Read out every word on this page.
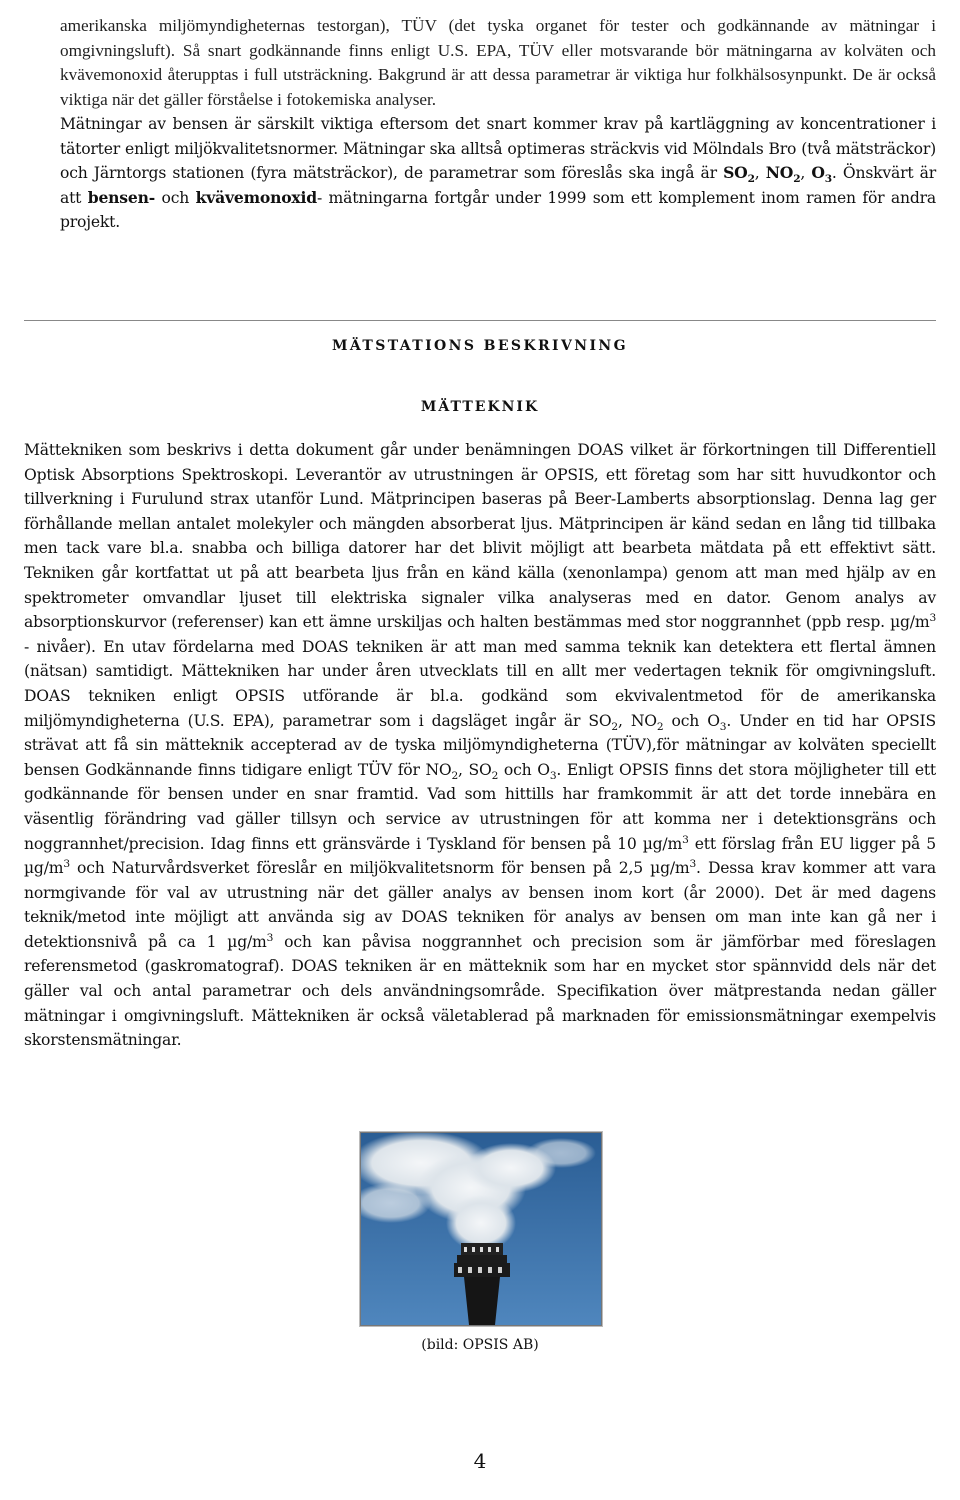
amerikanska miljömyndigheternas testorgan), TÜV (det tyska organet för tester och godkännande av mätningar i omgivningsluft). Så snart godkännande finns enligt U.S. EPA, TÜV eller motsvarande bör mätningarna av kolväten och kvävemonoxid återupptas i full utsträckning. Bakgrund är att dessa parametrar är viktiga hur folkhälsosynpunkt. De är också viktiga när det gäller förståelse i fotokemiska analyser.

Mätningar av bensen är särskilt viktiga eftersom det snart kommer krav på kartläggning av koncentrationer i tätorter enligt miljökvalitetsnormer. Mätningar ska alltså optimeras sträckvis vid Mölndals Bro (två mätsträckor) och Järntorgs stationen (fyra mätsträckor), de parametrar som föreslås ska ingå är $SO_2$, $NO_2$, $O_3$. Önskvärt är att bensen- och kvävemonoxid- mätningarna fortgår under 1999 som ett komplement inom ramen för andra projekt.

MÄTSTATIONS BESKRIVNING
MÄTTEKNIK

Mättekniken som beskrivs i detta dokument går under benämningen DOAS vilket är förkortningen till Differentiell Optisk Absorptions Spektroskopi. Leverantör av utrustningen är OPSIS, ett företag som har sitt huvudkontor och tillverkning i Furulund strax utanför Lund. Mätprincipen baseras på Beer-Lamberts absorptionslag. Denna lag ger förhållande mellan antalet molekyler och mängden absorberat ljus. Mätprincipen är känd sedan en lång tid tillbaka men tack vare bl.a. snabba och billiga datorer har det blivit möjligt att bearbeta mätdata på ett effektivt sätt. Tekniken går kortfattat ut på att bearbeta ljus från en känd källa (xenonlampa) genom att man med hjälp av en spektrometer omvandlar ljuset till elektriska signaler vilka analyseras med en dator. Genom analys av absorptionskurvor (referenser) kan ett ämne urskiljas och halten bestämmas med stor noggrannhet (ppb resp. $\mu g/m^3$ - nivåer). En utav fördelarna med DOAS tekniken är att man med samma teknik kan detektera ett flertal ämnen (nätsan) samtidigt. Mättekniken har under åren utvecklats till en allt mer vedertagen teknik för omgivningsluft. DOAS tekniken enligt OPSIS utförande är bl.a. godkänd som ekvivalentmetod för de amerikanska miljömyndigheterna (U.S. EPA), parametrar som i dagsläget ingår är $SO_2$, $NO_2$ och $O_3$. Under en tid har OPSIS strävat att få sin mätteknik accepterad av de tyska miljömyndigheterna (TÜV),för mätningar av kolväten speciellt bensen Godkännande finns tidigare enligt TÜV för $NO_2$, $SO_2$ och $O_3$. Enligt OPSIS finns det stora möjligheter till ett godkännande för bensen under en snar framtid. Vad som hittills har framkommit är att det torde innebära en väsentlig förändring vad gäller tillsyn och service av utrustningen för att komma ner i detektionsgräns och noggrannhet/precision. Idag finns ett gränsvärde i Tyskland för bensen på 10 $\mu g/m^3$ ett förslag från EU ligger på 5 $\mu g/m^3$ och Naturvårdsverket föreslår en miljökvalitetsnorm för bensen på 2,5 $\mu g/m^3$. Dessa krav kommer att vara normgivande för val av utrustning när det gäller analys av bensen inom kort (år 2000). Det är med dagens teknik/metod inte möjligt att använda sig av DOAS tekniken för analys av bensen om man inte kan gå ner i detektionsnivå på ca 1 $\mu g/m^3$ och kan påvisa noggrannhet och precision som är jämförbar med föreslagen referensmetod (gaskromatograf). DOAS tekniken är en mätteknik som har en mycket stor spännvidd dels när det gäller val och antal parametrar och dels användningsområde. Specifikation över mätprestanda nedan gäller mätningar i omgivningsluft. Mättekniken är också väletablerad på marknaden för emissionsmätningar exempelvis skorstensmätningar.

(bild: OPSIS AB)
4
